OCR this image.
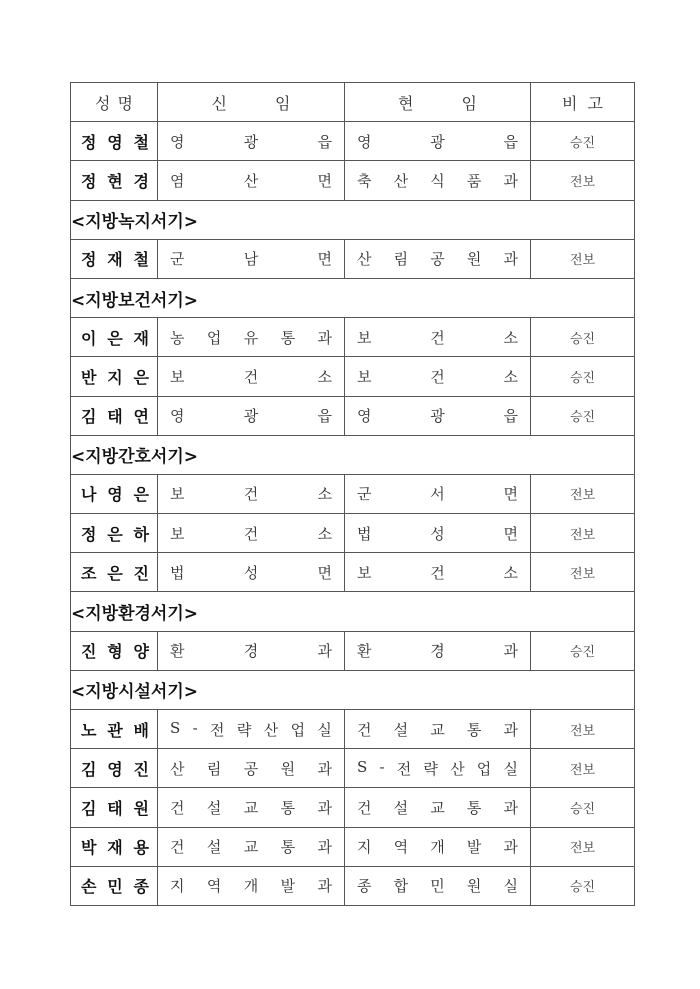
성 명	신 임	현 임	비 고

정 영 철	영 광 읍	영 광 읍	승진

정 현 경	염 산 면	축 산 식 품 과	전보
<지방녹지서기>			

정 재 철	군 남 면	산 림 공 원 과	전보
<지방보건서기>			

이 은 재	농 업 유 통 과	보 건 소	승진

반 지 은	보 건 소	보 건 소	승진

김 태 연	영 광 읍	영 광 읍	승진
<지방간호서기>			

나 영 은	보 건 소	군 서 면	전보

정 은 하	보 건 소	법 성 면	전보

조 은 진	법 성 면	보 건 소	전보
<지방환경서기>			

진 형 양	환 경 과	환 경 과	승진
<지방시설서기>			

노 관 배	S - 전 략 산 업 실	건 설 교 통 과	전보

김 영 진	산 림 공 원 과	S - 전 략 산 업 실	전보

김 태 원	건 설 교 통 과	건 설 교 통 과	승진

박 재 용	건 설 교 통 과	지 역 개 발 과	전보

손 민 종	지 역 개 발 과	종 합 민 원 실	승진
